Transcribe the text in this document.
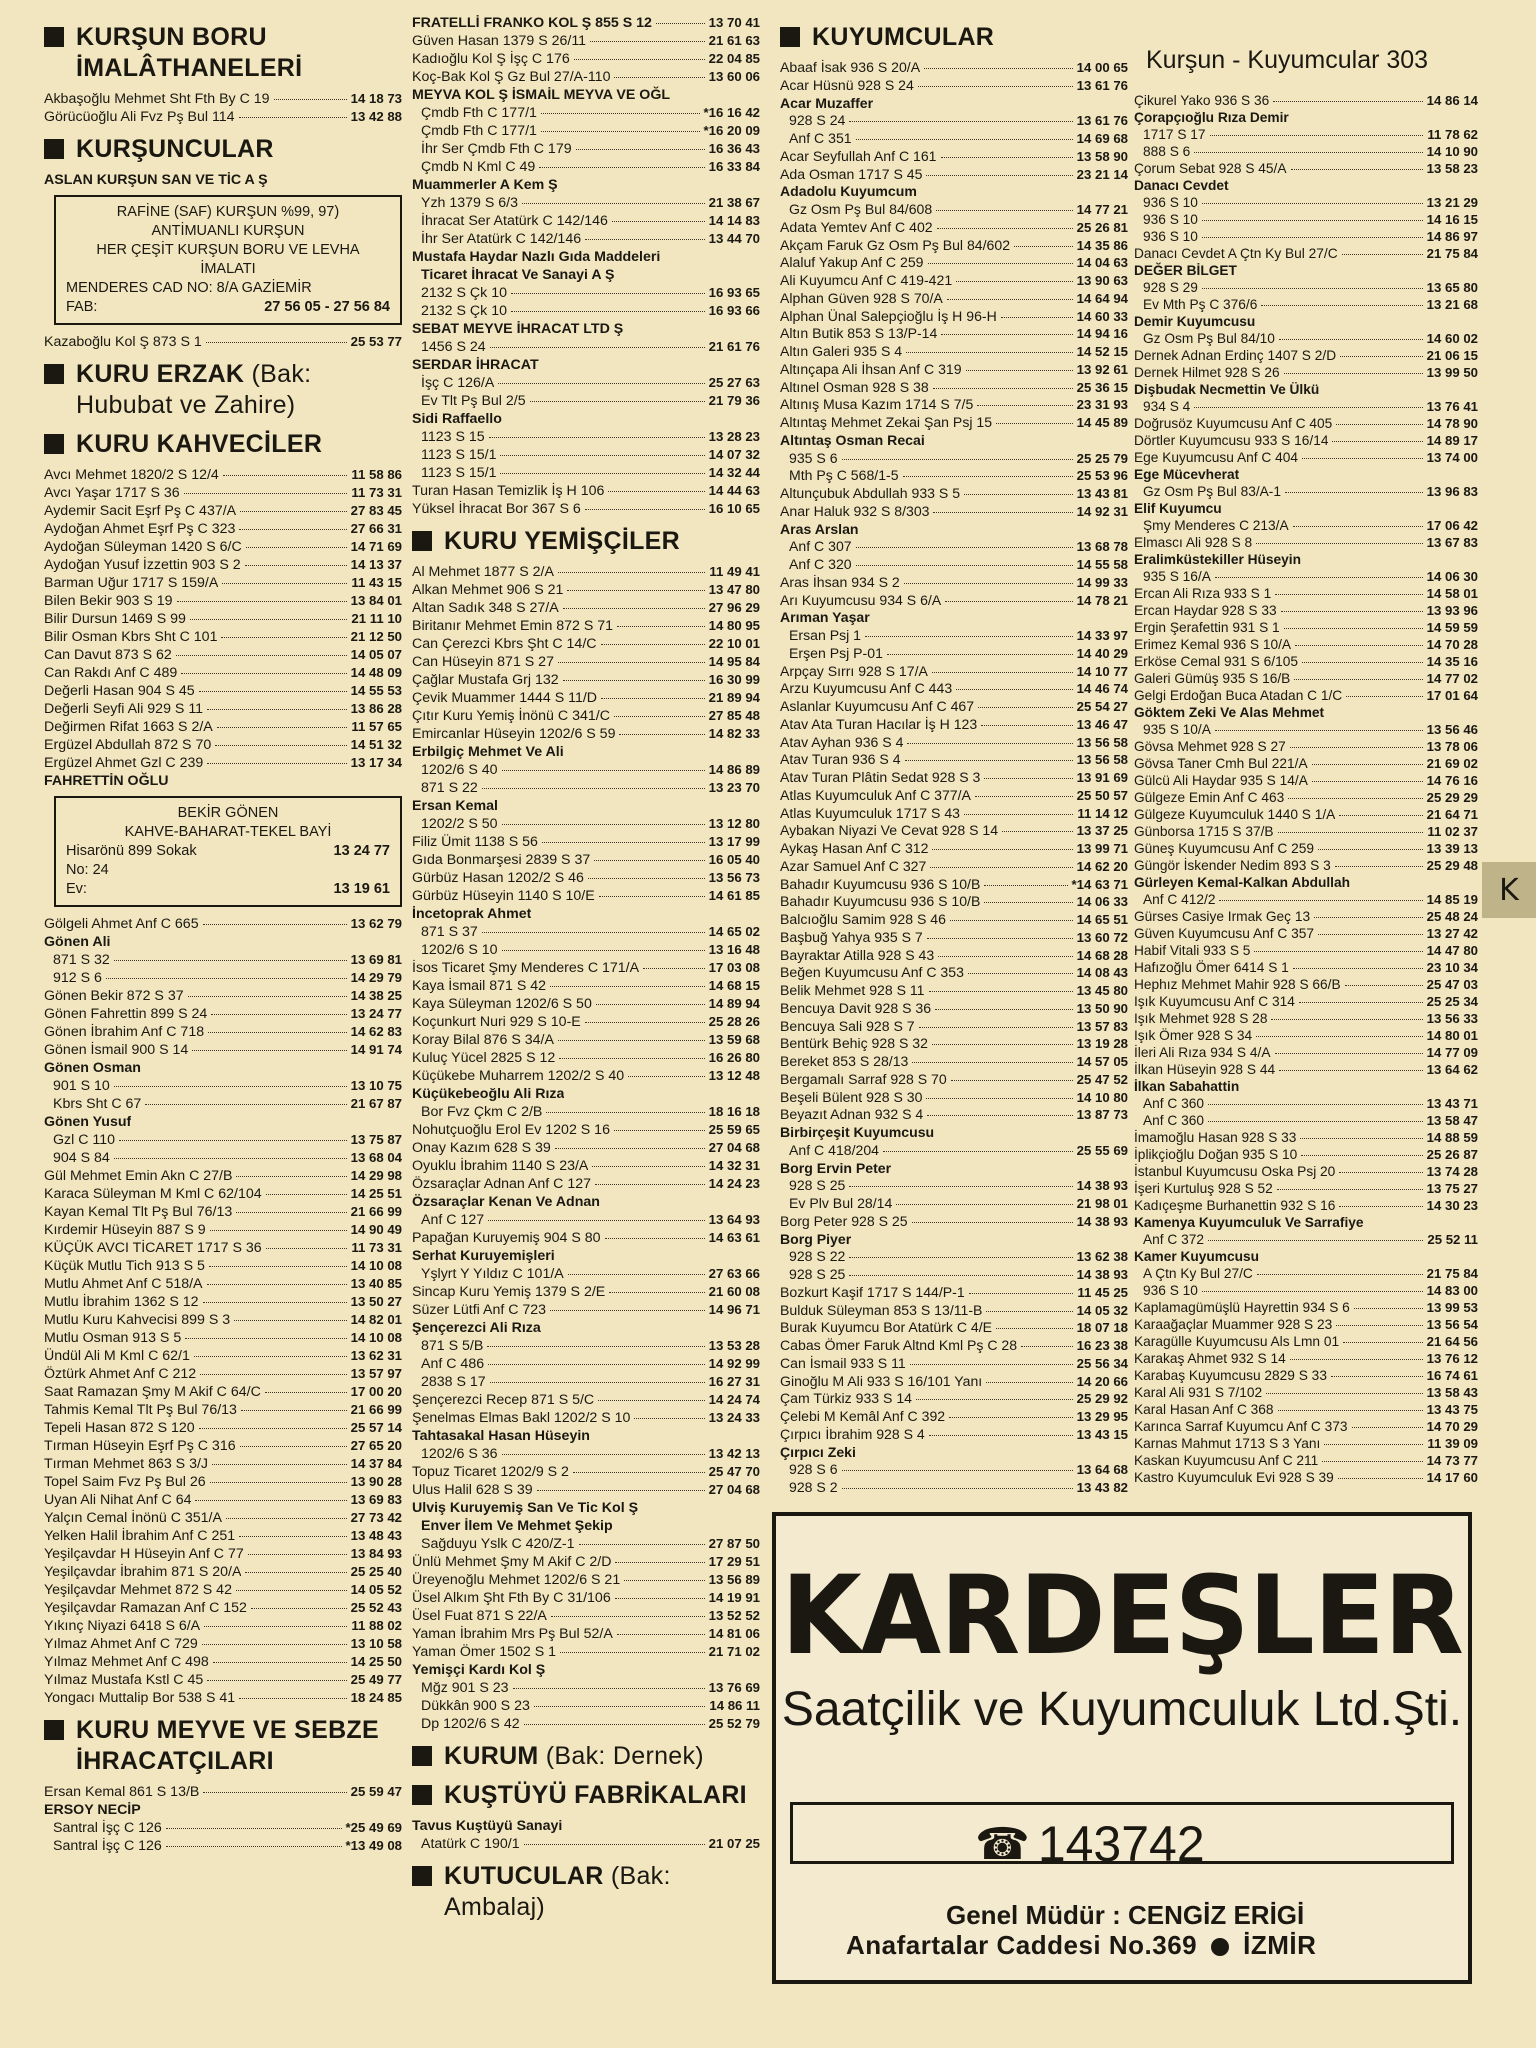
KURŞUN BORU İMALÂTHANELERİ
Akbaşoğlu Mehmet Sht Fth By C 19	14 18 73
Görücüoğlu Ali Fvz Pş Bul 114	13 42 88
KURŞUNCULAR
ASLAN KURŞUN SAN VE TİC A Ş
RAFİNE (SAF) KURŞUN %99, 97)
ANTİMUANLI KURŞUN
HER ÇEŞİT KURŞUN BORU VE LEVHA
İMALATI
MENDERES CAD NO: 8/A GAZİEMİR
FAB:	27 56 05 - 27 56 84
Kazaboğlu Kol Ş 873 S 1	25 53 77
KURU ERZAK (Bak: Hububat ve Zahire)
KURU KAHVECİLER
Avcı Mehmet 1820/2 S 12/4	11 58 86
Avcı Yaşar 1717 S 36	11 73 31
Aydemir Sacit Eşrf Pş C 437/A	27 83 45
Aydoğan Ahmet Eşrf Pş C 323	27 66 31
Aydoğan Süleyman 1420 S 6/C	14 71 69
Aydoğan Yusuf İzzettin 903 S 2	14 13 37
Barman Uğur 1717 S 159/A	11 43 15
Bilen Bekir 903 S 19	13 84 01
Bilir Dursun 1469 S 99	21 11 10
Bilir Osman Kbrs Sht C 101	21 12 50
Can Davut 873 S 62	14 05 07
Can Rakdı Anf C 489	14 48 09
Değerli Hasan 904 S 45	14 55 53
Değerli Seyfi Ali 929 S 11	13 86 28
Değirmen Rifat 1663 S 2/A	11 57 65
Ergüzel Abdullah 872 S 70	14 51 32
Ergüzel Ahmet Gzl C 239	13 17 34
FAHRETTİN OĞLU
BEKİR GÖNEN
KAHVE-BAHARAT-TEKEL BAYİ
Hisarönü 899 Sokak	13 24 77
No: 24
Ev:	13 19 61
Gölgeli Ahmet Anf C 665	13 62 79
Gönen Ali
871 S 32	13 69 81
912 S 6	14 29 79
Gönen Bekir 872 S 37	14 38 25
Gönen Fahrettin 899 S 24	13 24 77
Gönen İbrahim Anf C 718	14 62 83
Gönen İsmail 900 S 14	14 91 74
Gönen Osman
901 S 10	13 10 75
Kbrs Sht C 67	21 67 87
Gönen Yusuf
Gzl C 110	13 75 87
904 S 84	13 68 04
Gül Mehmet Emin Akn C 27/B	14 29 98
Karaca Süleyman M Kml C 62/104	14 25 51
Kayan Kemal Tlt Pş Bul 76/13	21 66 99
Kırdemir Hüseyin 887 S 9	14 90 49
KÜÇÜK AVCI TİCARET 1717 S 36	11 73 31
Küçük Mutlu Tich 913 S 5	14 10 08
Mutlu Ahmet Anf C 518/A	13 40 85
Mutlu İbrahim 1362 S 12	13 50 27
Mutlu Kuru Kahvecisi 899 S 3	14 82 01
Mutlu Osman 913 S 5	14 10 08
Ündül Ali M Kml C 62/1	13 62 31
Öztürk Ahmet Anf C 212	13 57 97
Saat Ramazan Şmy M Akif C 64/C	17 00 20
Tahmis Kemal Tlt Pş Bul 76/13	21 66 99
Tepeli Hasan 872 S 120	25 57 14
Tırman Hüseyin Eşrf Pş C 316	27 65 20
Tırman Mehmet 863 S 3/J	14 37 84
Topel Saim Fvz Pş Bul 26	13 90 28
Uyan Ali Nihat Anf C 64	13 69 83
Yalçın Cemal İnönü C 351/A	27 73 42
Yelken Halil İbrahim Anf C 251	13 48 43
Yeşilçavdar H Hüseyin Anf C 77	13 84 93
Yeşilçavdar İbrahim 871 S 20/A	25 25 40
Yeşilçavdar Mehmet 872 S 42	14 05 52
Yeşilçavdar Ramazan Anf C 152	25 52 43
Yıkınç Niyazi 6418 S 6/A	11 88 02
Yılmaz Ahmet Anf C 729	13 10 58
Yılmaz Mehmet Anf C 498	14 25 50
Yılmaz Mustafa Kstl C 45	25 49 77
Yongacı Muttalip Bor 538 S 41	18 24 85
KURU MEYVE VE SEBZE İHRACATÇILARI
Ersan Kemal 861 S 13/B	25 59 47
ERSOY NECİP
Santral İşç C 126	*25 49 69
Santral İşç C 126	*13 49 08
FRATELLİ FRANKO KOL Ş 855 S 12	13 70 41
Güven Hasan 1379 S 26/11	21 61 63
Kadıoğlu Kol Ş İşç C 176	22 04 85
Koç-Bak Kol Ş Gz Bul 27/A-110	13 60 06
MEYVA KOL Ş İSMAİL MEYVA VE OĞL
Çmdb Fth C 177/1	*16 16 42
Çmdb Fth C 177/1	*16 20 09
İhr Ser Çmdb Fth C 179	16 36 43
Çmdb N Kml C 49	16 33 84
Muammerler A Kem Ş
Yzh 1379 S 6/3	21 38 67
İhracat Ser Atatürk C 142/146	14 14 83
İhr Ser Atatürk C 142/146	13 44 70
Mustafa Haydar Nazlı Gıda Maddeleri
Ticaret İhracat Ve Sanayi A Ş
2132 S Çk 10	16 93 65
2132 S Çk 10	16 93 66
SEBAT MEYVE İHRACAT LTD Ş
1456 S 24	21 61 76
SERDAR İHRACAT
İşç C 126/A	25 27 63
Ev Tlt Pş Bul 2/5	21 79 36
Sidi Raffaello
1123 S 15	13 28 23
1123 S 15/1	14 07 32
1123 S 15/1	14 32 44
Turan Hasan Temizlik İş H 106	14 44 63
Yüksel İhracat Bor 367 S 6	16 10 65
KURU YEMİŞÇİLER
Al Mehmet 1877 S 2/A	11 49 41
Alkan Mehmet 906 S 21	13 47 80
Altan Sadık 348 S 27/A	27 96 29
Biritanır Mehmet Emin 872 S 71	14 80 95
Can Çerezci Kbrs Şht C 14/C	22 10 01
Can Hüseyin 871 S 27	14 95 84
Çağlar Mustafa Grj 132	16 30 99
Çevik Muammer 1444 S 11/D	21 89 94
Çıtır Kuru Yemiş İnönü C 341/C	27 85 48
Emircanlar Hüseyin 1202/6 S 59	14 82 33
Erbilgiç Mehmet Ve Ali
1202/6 S 40	14 86 89
871 S 22	13 23 70
Ersan Kemal
1202/2 S 50	13 12 80
Filiz Ümit 1138 S 56	13 17 99
Gıda Bonmarşesi 2839 S 37	16 05 40
Gürbüz Hasan 1202/2 S 46	13 56 73
Gürbüz Hüseyin 1140 S 10/E	14 61 85
İncetoprak Ahmet
871 S 37	14 65 02
1202/6 S 10	13 16 48
İsos Ticaret Şmy Menderes C 171/A	17 03 08
Kaya İsmail 871 S 42	14 68 15
Kaya Süleyman 1202/6 S 50	14 89 94
Koçunkurt Nuri 929 S 10-E	25 28 26
Koray Bilal 876 S 34/A	13 59 68
Kuluç Yücel 2825 S 12	16 26 80
Küçükebe Muharrem 1202/2 S 40	13 12 48
Küçükebeoğlu Ali Rıza
Bor Fvz Çkm C 2/B	18 16 18
Nohutçuoğlu Erol Ev 1202 S 16	25 59 65
Onay Kazım 628 S 39	27 04 68
Oyuklu İbrahim 1140 S 23/A	14 32 31
Özsaraçlar Adnan Anf C 127	14 24 23
Özsaraçlar Kenan Ve Adnan
Anf C 127	13 64 93
Papağan Kuruyemiş 904 S 80	14 63 61
Serhat Kuruyemişleri
Yşlyrt Y Yıldız C 101/A	27 63 66
Sincap Kuru Yemiş 1379 S 2/E	21 60 08
Süzer Lütfi Anf C 723	14 96 71
Şençerezci Ali Rıza
871 S 5/B	13 53 28
Anf C 486	14 92 99
2838 S 17	16 27 31
Şençerezci Recep 871 S 5/C	14 24 74
Şenelmas Elmas Bakl 1202/2 S 10	13 24 33
Tahtasakal Hasan Hüseyin
1202/6 S 36	13 42 13
Topuz Ticaret 1202/9 S 2	25 47 70
Ulus Halil 628 S 39	27 04 68
Ulviş Kuruyemiş San Ve Tic Kol Ş
Enver İlem Ve Mehmet Şekip
Sağduyu Yslk C 420/Z-1	27 87 50
Ünlü Mehmet Şmy M Akif C 2/D	17 29 51
Üreyenoğlu Mehmet 1202/6 S 21	13 56 89
Üsel Alkım Şht Fth By C 31/106	14 19 91
Üsel Fuat 871 S 22/A	13 52 52
Yaman İbrahim Mrs Pş Bul 52/A	14 81 06
Yaman Ömer 1502 S 1	21 71 02
Yemişçi Kardı Kol Ş
Mğz 901 S 23	13 76 69
Dükkân 900 S 23	14 86 11
Dp 1202/6 S 42	25 52 79
KURUM (Bak: Dernek)
KUŞTÜYÜ FABRİKALARI
Tavus Kuştüyü Sanayi
Atatürk C 190/1	21 07 25
KUTUCULAR (Bak: Ambalaj)
KUYUMCULAR
Abaaf İsak 936 S 20/A	14 00 65
Acar Hüsnü 928 S 24	13 61 76
Acar Muzaffer
928 S 24	13 61 76
Anf C 351	14 69 68
Acar Seyfullah Anf C 161	13 58 90
Ada Osman 1717 S 45	23 21 14
Adadolu Kuyumcum
Gz Osm Pş Bul 84/608	14 77 21
Adata Yemtev Anf C 402	25 26 81
Akçam Faruk Gz Osm Pş Bul 84/602	14 35 86
Alaluf Yakup Anf C 259	14 04 63
Ali Kuyumcu Anf C 419-421	13 90 63
Alphan Güven 928 S 70/A	14 64 94
Alphan Ünal Salepçioğlu İş H 96-H	14 60 33
Altın Butik 853 S 13/P-14	14 94 16
Altın Galeri 935 S 4	14 52 15
Altınçapa Ali İhsan Anf C 319	13 92 61
Altınel Osman 928 S 38	25 36 15
Altınış Musa Kazım 1714 S 7/5	23 31 93
Altıntaş Mehmet Zekai Şan Psj 15	14 45 89
Altıntaş Osman Recai
935 S 6	25 25 79
Mth Pş C 568/1-5	25 53 96
Altunçubuk Abdullah 933 S 5	13 43 81
Anar Haluk 932 S 8/303	14 92 31
Aras Arslan
Anf C 307	13 68 78
Anf C 320	14 55 58
Aras İhsan 934 S 2	14 99 33
Arı Kuyumcusu 934 S 6/A	14 78 21
Arıman Yaşar
Ersan Psj 1	14 33 97
Erşen Psj P-01	14 40 29
Arpçay Sırrı 928 S 17/A	14 10 77
Arzu Kuyumcusu Anf C 443	14 46 74
Aslanlar Kuyumcusu Anf C 467	25 54 27
Atav Ata Turan Hacılar İş H 123	13 46 47
Atav Ayhan 936 S 4	13 56 58
Atav Turan 936 S 4	13 56 58
Atav Turan Plâtin Sedat 928 S 3	13 91 69
Atlas Kuyumculuk Anf C 377/A	25 50 57
Atlas Kuyumculuk 1717 S 43	11 14 12
Aybakan Niyazi Ve Cevat 928 S 14	13 37 25
Aykaş Hasan Anf C 312	13 99 71
Azar Samuel Anf C 327	14 62 20
Bahadır Kuyumcusu 936 S 10/B	*14 63 71
Bahadır Kuyumcusu 936 S 10/B	14 06 33
Balcıoğlu Samim 928 S 46	14 65 51
Başbuğ Yahya 935 S 7	13 60 72
Bayraktar Atilla 928 S 43	14 68 28
Beğen Kuyumcusu Anf C 353	14 08 43
Belik Mehmet 928 S 11	13 45 80
Bencuya Davit 928 S 36	13 50 90
Bencuya Sali 928 S 7	13 57 83
Bentürk Behiç 928 S 32	13 19 28
Bereket 853 S 28/13	14 57 05
Bergamalı Sarraf 928 S 70	25 47 52
Beşeli Bülent 928 S 30	14 10 80
Beyazıt Adnan 932 S 4	13 87 73
Birbirçeşit Kuyumcusu
Anf C 418/204	25 55 69
Borg Ervin Peter
928 S 25	14 38 93
Ev Plv Bul 28/14	21 98 01
Borg Peter 928 S 25	14 38 93
Borg Piyer
928 S 22	13 62 38
928 S 25	14 38 93
Bozkurt Kaşif 1717 S 144/P-1	11 45 25
Bulduk Süleyman 853 S 13/11-B	14 05 32
Burak Kuyumcu Bor Atatürk C 4/E	18 07 18
Cabas Ömer Faruk Altnd Kml Pş C 28	16 23 38
Can İsmail 933 S 11	25 56 34
Ginoğlu M Ali 933 S 16/101 Yanı	14 20 66
Çam Türkiz 933 S 14	25 29 92
Çelebi M Kemâl Anf C 392	13 29 95
Çırpıcı İbrahim 928 S 4	13 43 15
Çırpıcı Zeki
928 S 6	13 64 68
928 S 2	13 43 82
Çikurel Yako 936 S 36	14 86 14
Çorapçıoğlu Rıza Demir
1717 S 17	11 78 62
888 S 6	14 10 90
Çorum Sebat 928 S 45/A	13 58 23
Danacı Cevdet
936 S 10	13 21 29
936 S 10	14 16 15
936 S 10	14 86 97
Danacı Cevdet A Çtn Ky Bul 27/C	21 75 84
DEĞER BİLGET
928 S 29	13 65 80
Ev Mth Pş C 376/6	13 21 68
Demir Kuyumcusu
Gz Osm Pş Bul 84/10	14 60 02
Dernek Adnan Erdinç 1407 S 2/D	21 06 15
Dernek Hilmet 928 S 26	13 99 50
Dişbudak Necmettin Ve Ülkü
934 S 4	13 76 41
Doğrusöz Kuyumcusu Anf C 405	14 78 90
Dörtler Kuyumcusu 933 S 16/14	14 89 17
Ege Kuyumcusu Anf C 404	13 74 00
Ege Mücevherat
Gz Osm Pş Bul 83/A-1	13 96 83
Elif Kuyumcu
Şmy Menderes C 213/A	17 06 42
Elmascı Ali 928 S 8	13 67 83
Eralimküstekiller Hüseyin
935 S 16/A	14 06 30
Ercan Ali Rıza 933 S 1	14 58 01
Ercan Haydar 928 S 33	13 93 96
Ergin Şerafettin 931 S 1	14 59 59
Erimez Kemal 936 S 10/A	14 70 28
Erköse Cemal 931 S 6/105	14 35 16
Galeri Gümüş 935 S 16/B	14 77 02
Gelgi Erdoğan Buca Atadan C 1/C	17 01 64
Göktem Zeki Ve Alas Mehmet
935 S 10/A	13 56 46
Gövsa Mehmet 928 S 27	13 78 06
Gövsa Taner Cmh Bul 221/A	21 69 02
Gülcü Ali Haydar 935 S 14/A	14 76 16
Gülgeze Emin Anf C 463	25 29 29
Gülgeze Kuyumculuk 1440 S 1/A	21 64 71
Günborsa 1715 S 37/B	11 02 37
Güneş Kuyumcusu Anf C 259	13 39 13
Güngör İskender Nedim 893 S 3	25 29 48
Gürleyen Kemal-Kalkan Abdullah
Anf C 412/2	14 85 19
Gürses Casiye Irmak Geç 13	25 48 24
Güven Kuyumcusu Anf C 357	13 27 42
Habif Vitali 933 S 5	14 47 80
Hafızoğlu Ömer 6414 S 1	23 10 34
Hephız Mehmet Mahir 928 S 66/B	25 47 03
Işık Kuyumcusu Anf C 314	25 25 34
Işık Mehmet 928 S 28	13 56 33
Işık Ömer 928 S 34	14 80 01
İleri Ali Rıza 934 S 4/A	14 77 09
İlkan Hüseyin 928 S 44	13 64 62
İlkan Sabahattin
Anf C 360	13 43 71
Anf C 360	13 58 47
İmamoğlu Hasan 928 S 33	14 88 59
İplikçioğlu Doğan 935 S 10	25 26 87
İstanbul Kuyumcusu Oska Psj 20	13 74 28
İşeri Kurtuluş 928 S 52	13 75 27
Kadıçeşme Burhanettin 932 S 16	14 30 23
Kamenya Kuyumculuk Ve Sarrafiye
Anf C 372	25 52 11
Kamer Kuyumcusu
A Çtn Ky Bul 27/C	21 75 84
936 S 10	14 83 00
Kaplamagümüşlü Hayrettin 934 S 6	13 99 53
Karaağaçlar Muammer 928 S 23	13 56 54
Karagülle Kuyumcusu Als Lmn 01	21 64 56
Karakaş Ahmet 932 S 14	13 76 12
Karabaş Kuyumcusu 2829 S 33	16 74 61
Karal Ali 931 S 7/102	13 58 43
Karal Hasan Anf C 368	13 43 75
Karınca Sarraf Kuyumcu Anf C 373	14 70 29
Karnas Mahmut 1713 S 3 Yanı	11 39 09
Kaskan Kuyumcusu Anf C 211	14 73 77
Kastro Kuyumculuk Evi 928 S 39	14 17 60
Kurşun - Kuyumcular 303
K
KARDEŞLER
Saatçilik ve Kuyumculuk Ltd.Şti.
☎ 143742
Genel Müdür : CENGİZ ERİGİ
Anafartalar Caddesi No.369 İZMİR
